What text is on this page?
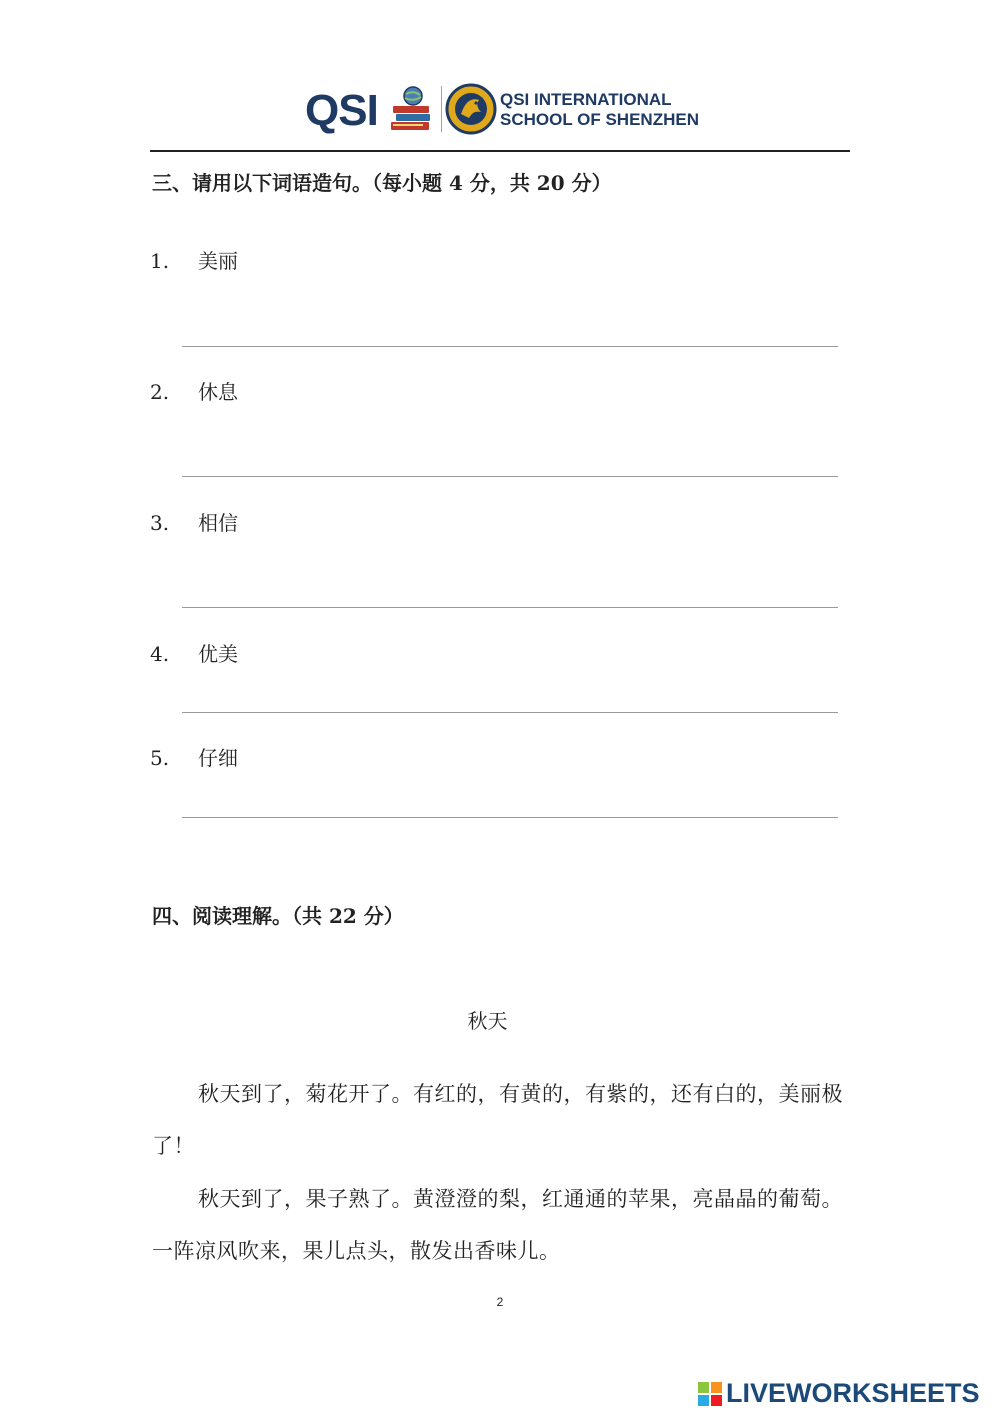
QSI	QSI INTERNATIONAL
SCHOOL OF SHENZHEN
三、请用以下词语造句。（每小题 4 分，共 20 分）
1. 美丽
2. 休息
3. 相信
4. 优美
5. 仔细
四、阅读理解。（共 22 分）
秋天
秋天到了，菊花开了。有红的，有黄的，有紫的，还有白的，美丽极了！
秋天到了，果子熟了。黄澄澄的梨，红通通的苹果，亮晶晶的葡萄。一阵凉风吹来，果儿点头，散发出香味儿。
2
LIVEWORKSHEETS
